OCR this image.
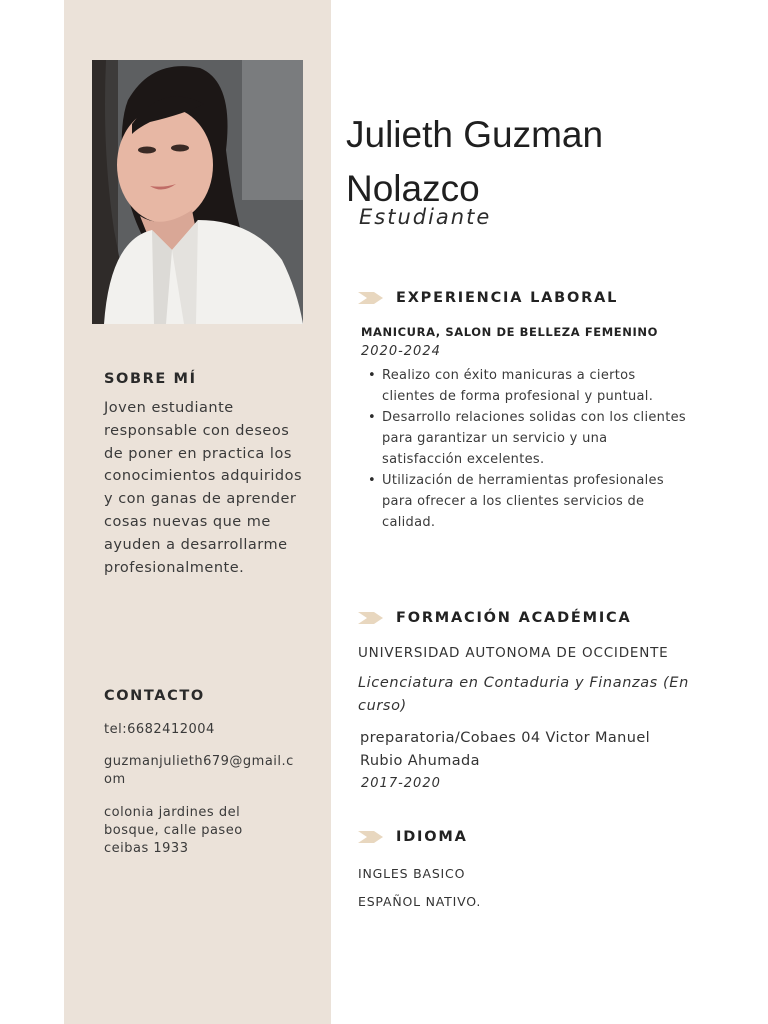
SOBRE MÍ

Joven estudiante responsable con deseos de poner en practica los conocimientos adquiridos y con ganas de aprender cosas nuevas que me ayuden a desarrollarme profesionalmente.

CONTACTO
tel:6682412004
guzmanjulieth679@gmail.com
colonia jardines del bosque, calle paseo ceibas 1933
Julieth Guzman
Nolazco
Estudiante
EXPERIENCIA LABORAL
MANICURA, SALON DE BELLEZA FEMENINO
2020-2024
• Realizo con éxito manicuras a ciertos clientes de forma profesional y puntual.
• Desarrollo relaciones solidas con los clientes para garantizar un servicio y una satisfacción excelentes.
• Utilización de herramientas profesionales para ofrecer a los clientes servicios de calidad.
FORMACIÓN ACADÉMICA
UNIVERSIDAD AUTONOMA DE OCCIDENTE
Licenciatura en Contaduria y Finanzas (En curso)
preparatoria/Cobaes 04 Victor Manuel Rubio Ahumada
2017-2020
IDIOMA
INGLES BASICO
ESPAÑOL NATIVO.
